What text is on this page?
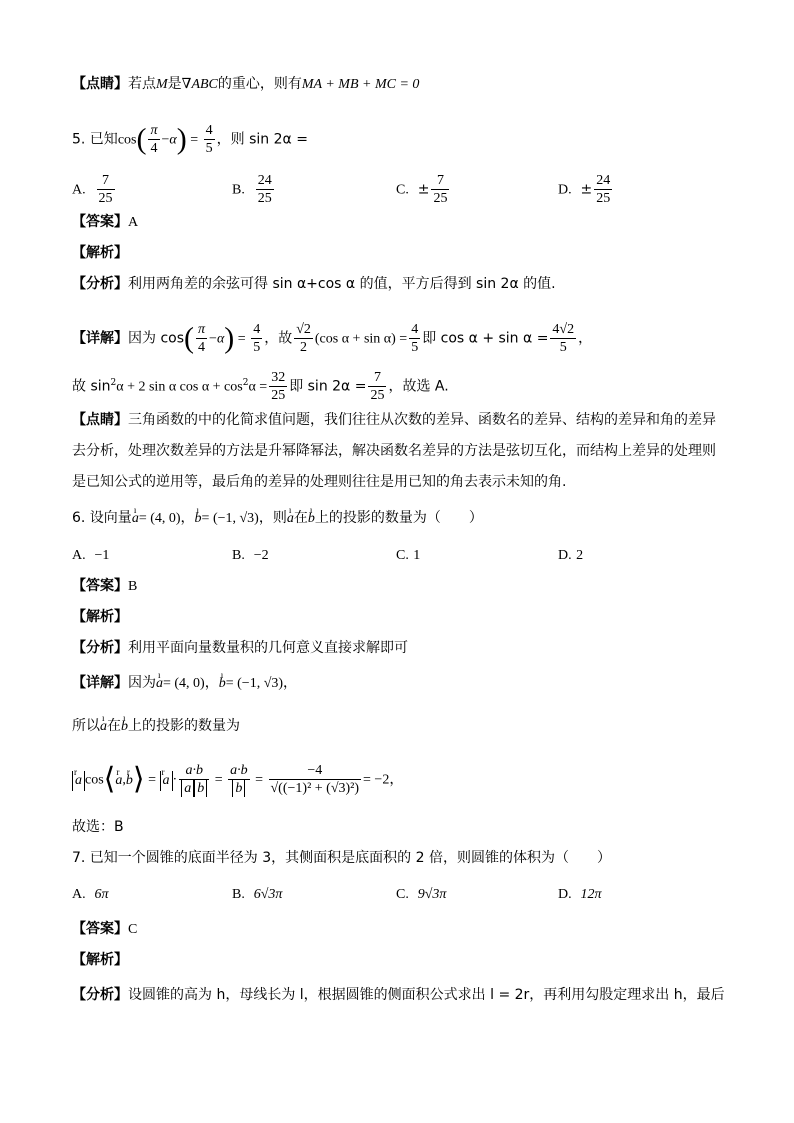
【点睛】若点M是∇ABC的重心，则有MA + MB + MC = 0
5. 已知$\cos( \frac{\pi}{4} -\alpha) = \frac{4}{5}$ ，则 sin 2α =
A. $\frac{7}{25}$	B. $\frac{24}{25}$	C. ± $\frac{7}{25}$	D. ± $\frac{24}{25}$
【答案】A
【解析】
【分析】利用两角差的余弦可得 sin α+cos α 的值，平方后得到 sin 2α 的值.
【详解】因为 $\cos( \frac{\pi}{4} -\alpha) = \frac{4}{5}$ ，故 $\frac{√2}{2} (\cos$ $\alpha + \sin \alpha) = \frac{4}{5}$ 即 $\cos \alpha + \sin \alpha = \frac{4√2}{5}$ ，
故 $\sin^2\alpha + 2$ sin α $\cos \alpha + \cos^2\alpha = \frac{32}{25}$ 即 $\sin 2\alpha = \frac{7}{25}$ ，故选 A.
【点睛】三角函数的中的化简求值问题，我们往往从次数的差异、函数名的差异、结构的差异和角的差异
去分析，处理次数差异的方法是升幂降幂法，解决函数名差异的方法是弦切互化，而结构上差异的处理则
是已知公式的逆用等，最后角的差异的处理则往往是用已知的角去表示未知的角.
6. 设向量ı a= (4, 0)，ı b= (−1, √3)，则ı a在ı b上的投影的数量为（　　）
A. −1	B. −2	C. 1	D. 2
【答案】B
【解析】
【分析】利用平面向量数量积的几何意义直接求解即可
【详解】因为ı a= (4, 0)，ı b= (−1, √3)，
所以ı a在ı b上的投影的数量为
r a cos⟨r a,r b⟩ = r $a \cdot \frac{a\cdot b}{\text{a b}} = \frac{a\cdot b}{b} = \frac{-4}{\text{√((−1)² + (√3)²)}} = -2$，
故选：B
7. 已知一个圆锥的底面半径为 3，其侧面积是底面积的 2 倍，则圆锥的体积为（　　）
A. 6π	B. 6√3π	C. 9√3π	D. 12π
【答案】C
【解析】
【分析】设圆锥的高为 h，母线长为 l，根据圆锥的侧面积公式求出 l = 2r，再利用勾股定理求出 h，最后
